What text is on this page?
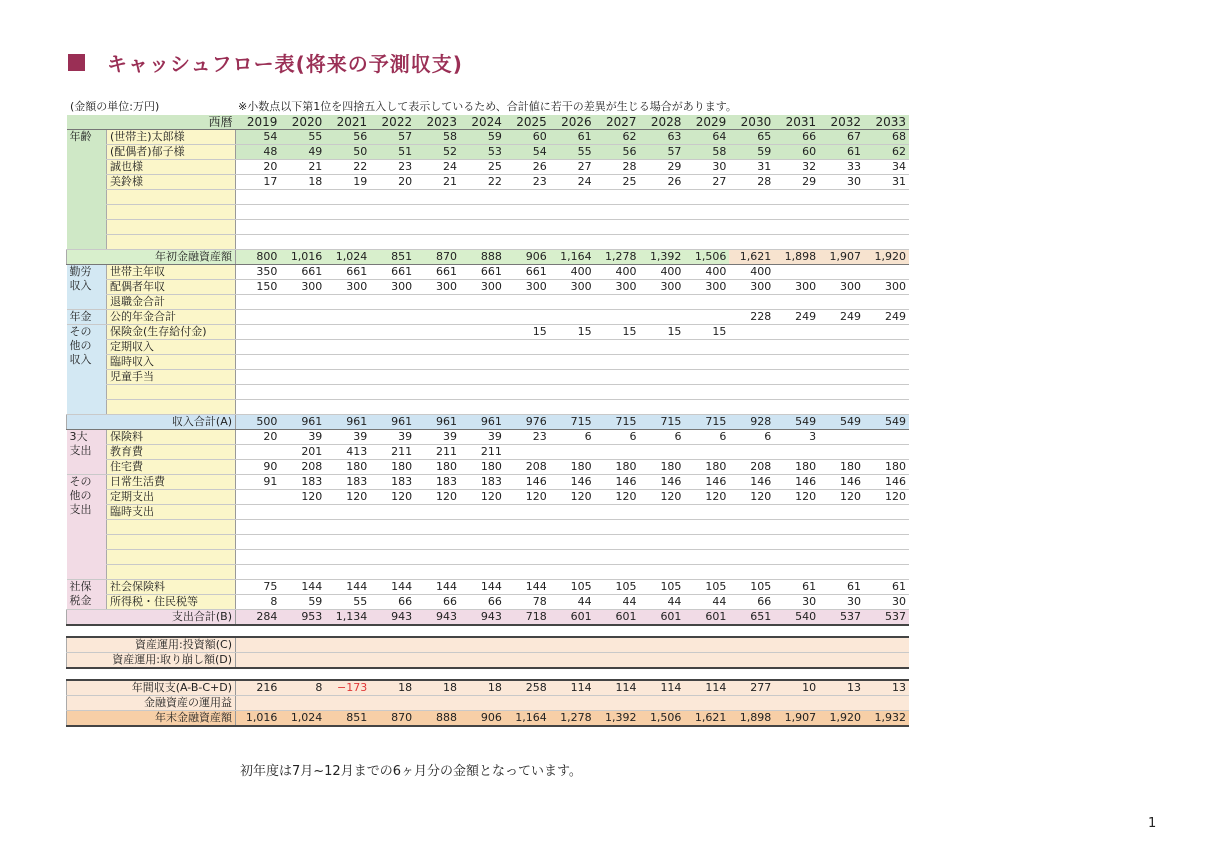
キャッシュフロー表(将来の予測収支)
(金額の単位:万円)	※小数点以下第1位を四捨五入して表示しているため、合計値に若干の差異が生じる場合があります。
西暦		2019	2020	2021	2022	2023	2024	2025	2026	2027	2028	2029	2030	2031	2032	2033

年齢	(世帯主)太郎様	54	55	56	57	58	59	60	61	62	63	64	65	66	67	68
	(配偶者)郁子様	48	49	50	51	52	53	54	55	56	57	58	59	60	61	62
	誠也様	20	21	22	23	24	25	26	27	28	29	30	31	32	33	34
	美鈴様	17	18	19	20	21	22	23	24	25	26	27	28	29	30	31

年初金融資産額		800	1,016	1,024	851	870	888	906	1,164	1,278	1,392	1,506	1,621	1,898	1,907	1,920

勤労
収入	世帯主年収	350	661	661	661	661	661	661	400	400	400	400	400			
	配偶者年収	150	300	300	300	300	300	300	300	300	300	300	300	300	300	300
	退職金合計															

年金	公的年金合計												228	249	249	249

その
他の
収入	保険金(生存給付金)							15	15	15	15	15				
	定期収入															
	臨時収入															
	児童手当															

収入合計(A)		500	961	961	961	961	961	976	715	715	715	715	928	549	549	549

3大
支出	保険料	20	39	39	39	39	39	23	6	6	6	6	6	3		
	教育費		201	413	211	211	211									
	住宅費	90	208	180	180	180	180	208	180	180	180	180	208	180	180	180

その
他の
支出	日常生活費	91	183	183	183	183	183	146	146	146	146	146	146	146	146	146
	定期支出		120	120	120	120	120	120	120	120	120	120	120	120	120	120
	臨時支出															

社保
税金	社会保険料	75	144	144	144	144	144	144	105	105	105	105	105	61	61	61
	所得税・住民税等	8	59	55	66	66	66	78	44	44	44	44	66	30	30	30
支出合計(B)		284	953	1,134	943	943	943	718	601	601	601	601	651	540	537	537

資産運用:投資額(C)																
資産運用:取り崩し額(D)																

年間収支(A-B-C+D)		216	8	−173	18	18	18	258	114	114	114	114	277	10	13	13
金融資産の運用益																
年末金融資産額		1,016	1,024	851	870	888	906	1,164	1,278	1,392	1,506	1,621	1,898	1,907	1,920	1,932
初年度は7月~12月までの6ヶ月分の金額となっています。
1
